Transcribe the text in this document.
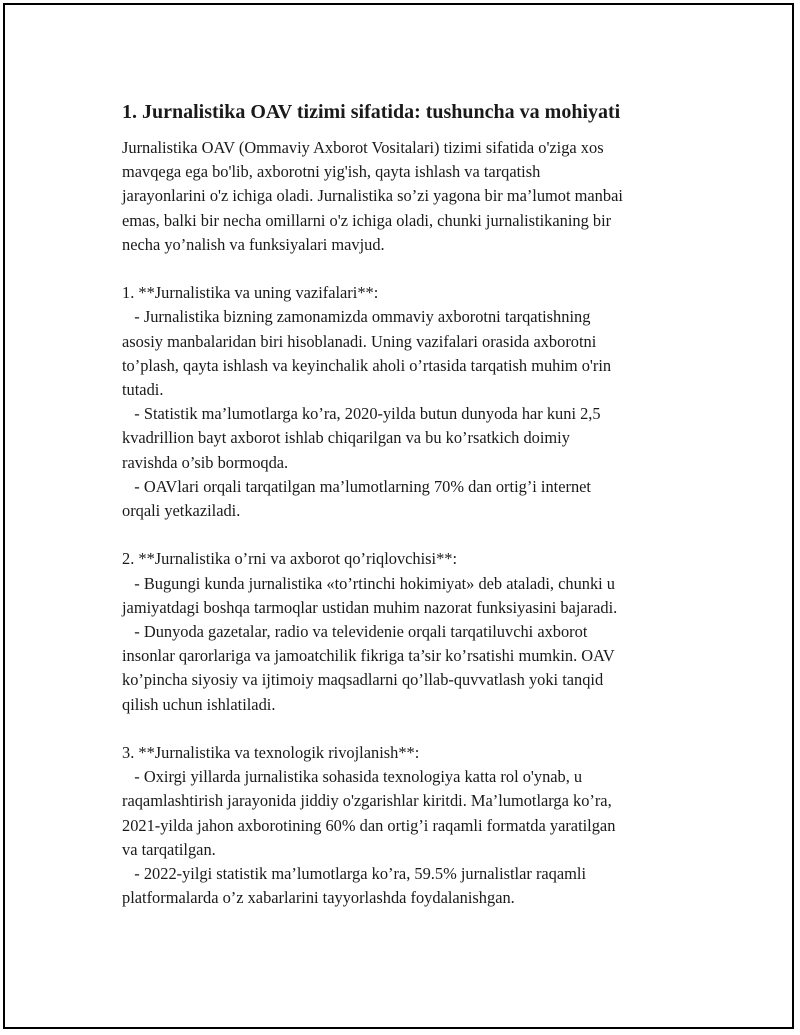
1. Jurnalistika OAV tizimi sifatida: tushuncha va mohiyati
Jurnalistika OAV (Ommaviy Axborot Vositalari) tizimi sifatida o'ziga xos
mavqega ega bo'lib, axborotni yig'ish, qayta ishlash va tarqatish
jarayonlarini o'z ichiga oladi. Jurnalistika so’zi yagona bir ma’lumot manbai
emas, balki bir necha omillarni o'z ichiga oladi, chunki jurnalistikaning bir
necha yo’nalish va funksiyalari mavjud.

1. **Jurnalistika va uning vazifalari**:
- Jurnalistika bizning zamonamizda ommaviy axborotni tarqatishning
asosiy manbalaridan biri hisoblanadi. Uning vazifalari orasida axborotni
to’plash, qayta ishlash va keyinchalik aholi o’rtasida tarqatish muhim o'rin
tutadi.
- Statistik ma’lumotlarga ko’ra, 2020-yilda butun dunyoda har kuni 2,5
kvadrillion bayt axborot ishlab chiqarilgan va bu ko’rsatkich doimiy
ravishda o’sib bormoqda.
- OAVlari orqali tarqatilgan ma’lumotlarning 70% dan ortig’i internet
orqali yetkaziladi.

2. **Jurnalistika o’rni va axborot qo’riqlovchisi**:
- Bugungi kunda jurnalistika «to’rtinchi hokimiyat» deb ataladi, chunki u
jamiyatdagi boshqa tarmoqlar ustidan muhim nazorat funksiyasini bajaradi.
- Dunyoda gazetalar, radio va televidenie orqali tarqatiluvchi axborot
insonlar qarorlariga va jamoatchilik fikriga ta’sir ko’rsatishi mumkin. OAV
ko’pincha siyosiy va ijtimoiy maqsadlarni qo’llab-quvvatlash yoki tanqid
qilish uchun ishlatiladi.

3. **Jurnalistika va texnologik rivojlanish**:
- Oxirgi yillarda jurnalistika sohasida texnologiya katta rol o'ynab, u
raqamlashtirish jarayonida jiddiy o'zgarishlar kiritdi. Ma’lumotlarga ko’ra,
2021-yilda jahon axborotining 60% dan ortig’i raqamli formatda yaratilgan
va tarqatilgan.
- 2022-yilgi statistik ma’lumotlarga ko’ra, 59.5% jurnalistlar raqamli
platformalarda o’z xabarlarini tayyorlashda foydalanishgan.
